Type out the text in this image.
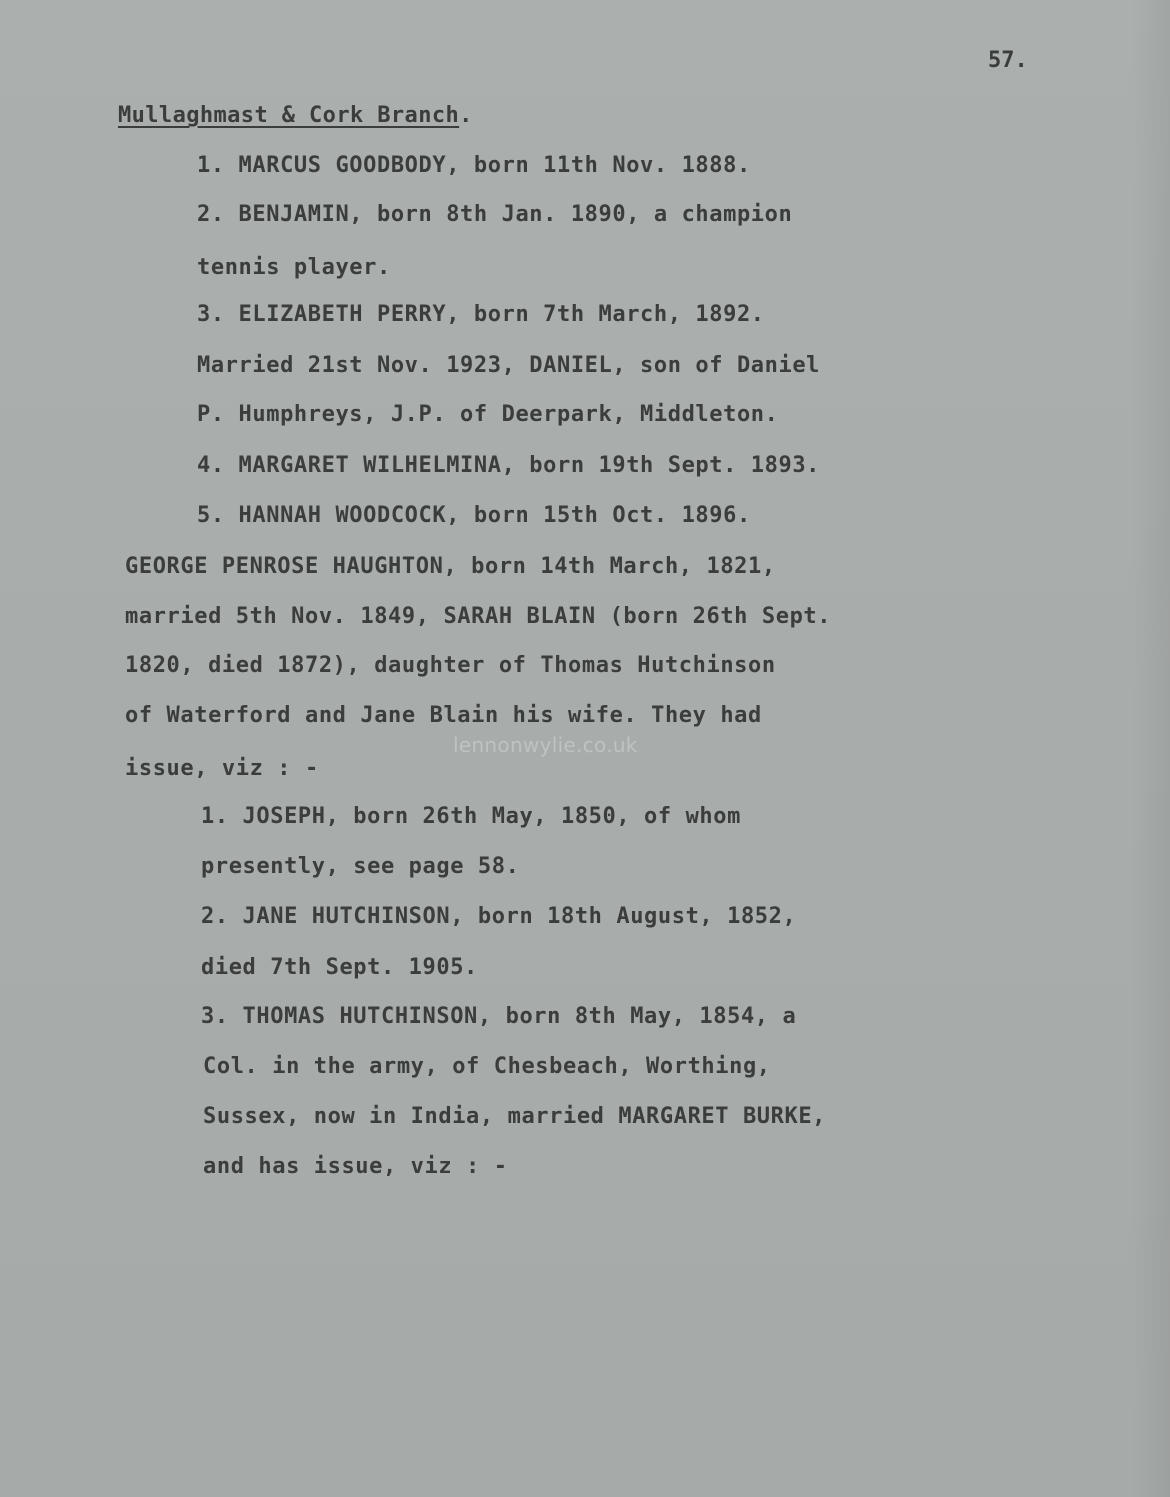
57.
Mullaghmast & Cork Branch.
1. MARCUS GOODBODY, born 11th Nov. 1888.
2. BENJAMIN, born 8th Jan. 1890, a champion
tennis player.
3. ELIZABETH PERRY, born 7th March, 1892.
Married 21st Nov. 1923, DANIEL, son of Daniel
P. Humphreys, J.P. of Deerpark, Middleton.
4. MARGARET WILHELMINA, born 19th Sept. 1893.
5. HANNAH WOODCOCK, born 15th Oct. 1896.
GEORGE PENROSE HAUGHTON, born 14th March, 1821,
married 5th Nov. 1849, SARAH BLAIN (born 26th Sept.
1820, died 1872), daughter of Thomas Hutchinson
of Waterford and Jane Blain his wife. They had
issue, viz : -
1. JOSEPH, born 26th May, 1850, of whom
presently, see page 58.
2. JANE HUTCHINSON, born 18th August, 1852,
died 7th Sept. 1905.
3. THOMAS HUTCHINSON, born 8th May, 1854, a
Col. in the army, of Chesbeach, Worthing,
Sussex, now in India, married MARGARET BURKE,
and has issue, viz : -
lennonwylie.co.uk
